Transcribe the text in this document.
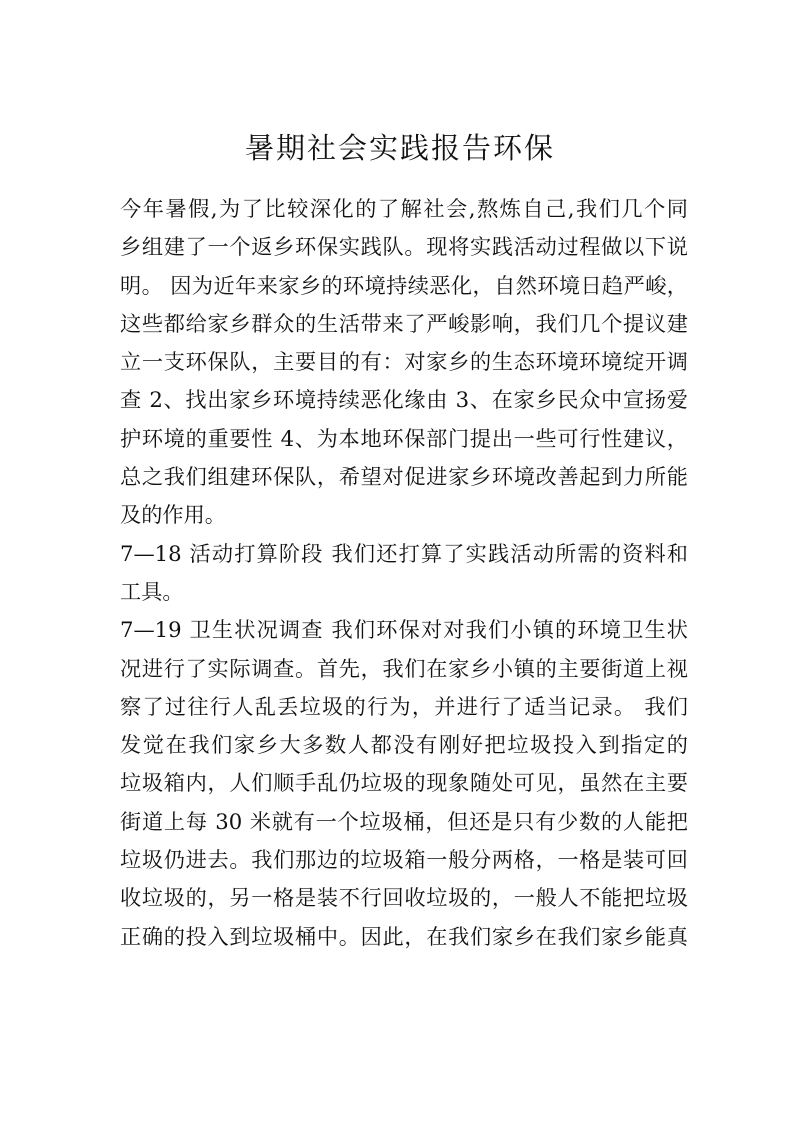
暑期社会实践报告环保
今年暑假,为了比较深化的了解社会,熬炼自己,我们几个同
乡组建了一个返乡环保实践队。现将实践活动过程做以下说
明。 因为近年来家乡的环境持续恶化，自然环境日趋严峻，
这些都给家乡群众的生活带来了严峻影响，我们几个提议建
立一支环保队，主要目的有：对家乡的生态环境环境绽开调
查 2、找出家乡环境持续恶化缘由 3、在家乡民众中宣扬爱
护环境的重要性 4、为本地环保部门提出一些可行性建议，
总之我们组建环保队，希望对促进家乡环境改善起到力所能
及的作用。
7—18 活动打算阶段 我们还打算了实践活动所需的资料和
工具。
7—19 卫生状况调查 我们环保对对我们小镇的环境卫生状
况进行了实际调查。首先，我们在家乡小镇的主要街道上视
察了过往行人乱丢垃圾的行为，并进行了适当记录。 我们
发觉在我们家乡大多数人都没有刚好把垃圾投入到指定的
垃圾箱内，人们顺手乱仍垃圾的现象随处可见，虽然在主要
街道上每 30 米就有一个垃圾桶，但还是只有少数的人能把
垃圾仍进去。我们那边的垃圾箱一般分两格，一格是装可回
收垃圾的，另一格是装不行回收垃圾的，一般人不能把垃圾
正确的投入到垃圾桶中。因此，在我们家乡在我们家乡能真
